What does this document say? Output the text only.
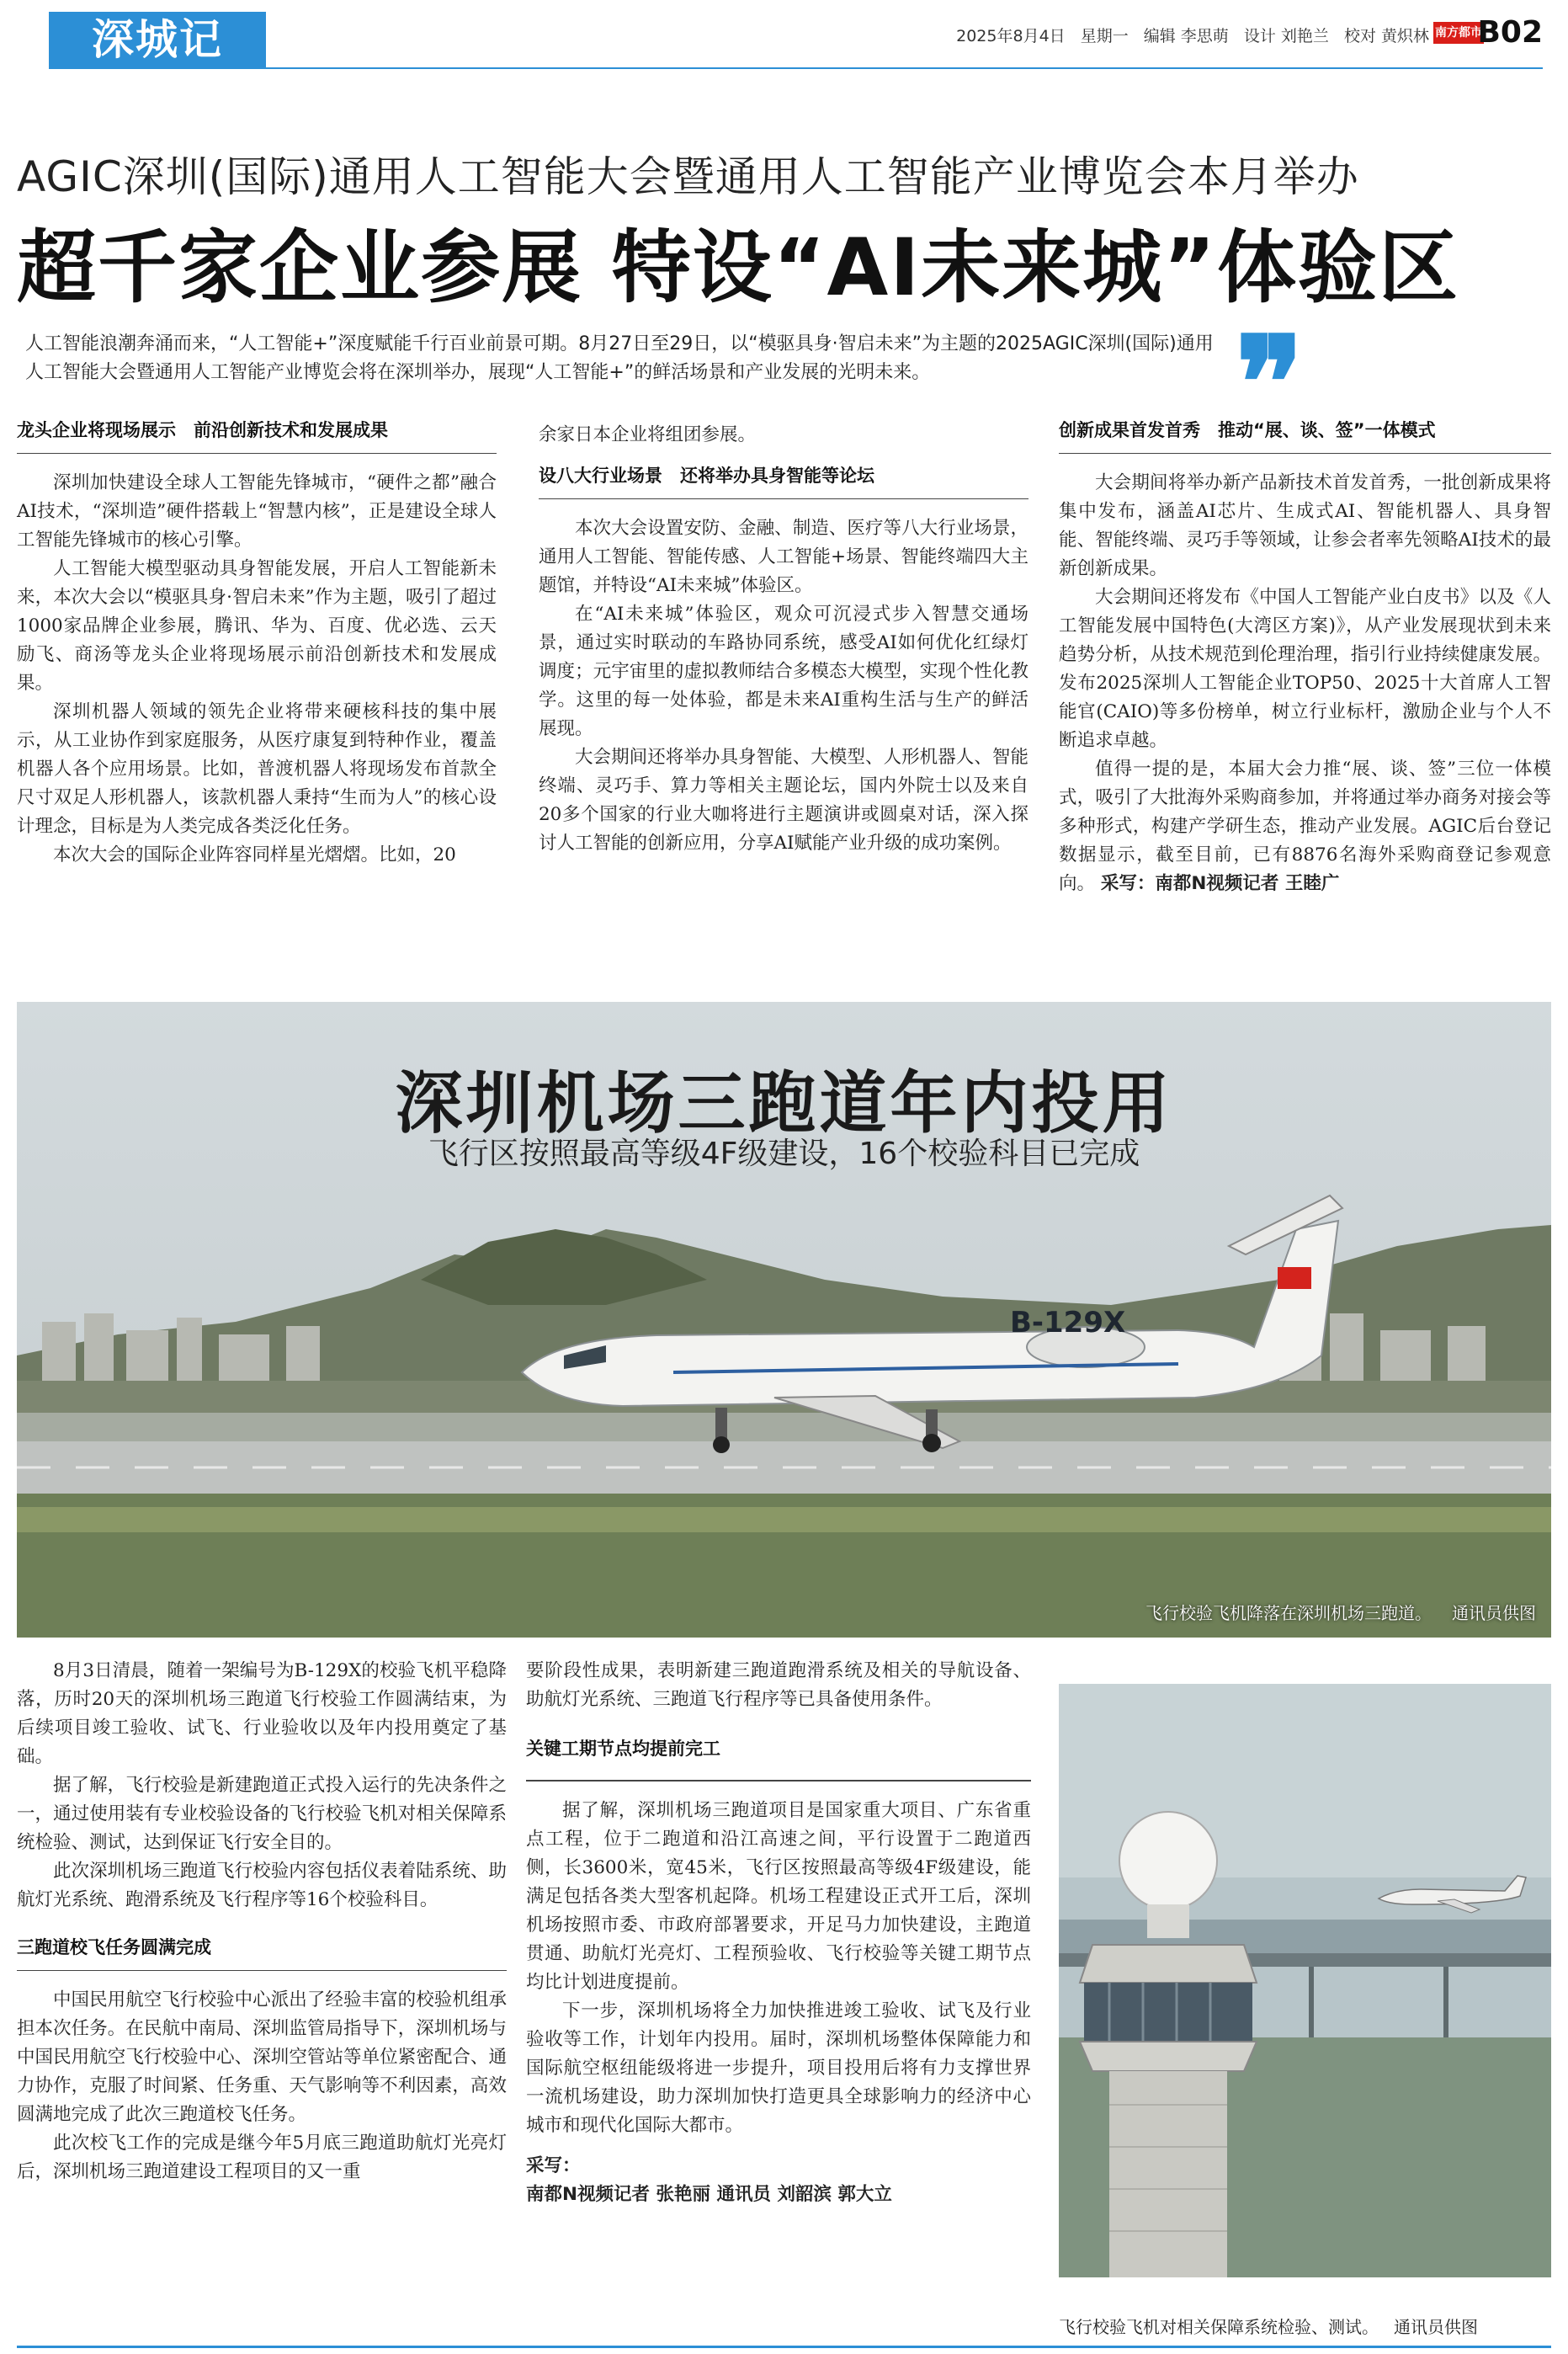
深城记	2025年8月4日 星期一 编辑 李思萌 设计 刘艳兰 校对 黄炽林 南方都市报
B02
AGIC深圳(国际)通用人工智能大会暨通用人工智能产业博览会本月举办
超千家企业参展 特设“AI未来城”体验区
人工智能浪潮奔涌而来，“人工智能+”深度赋能千行百业前景可期。8月27日至29日，以“模驱具身·智启未来”为主题的2025AGIC深圳(国际)通用人工智能大会暨通用人工智能产业博览会将在深圳举办，展现“人工智能+”的鲜活场景和产业发展的光明未来。	❞
龙头企业将现场展示　前沿创新技术和发展成果

深圳加快建设全球人工智能先锋城市，“硬件之都”融合AI技术，“深圳造”硬件搭载上“智慧内核”，正是建设全球人工智能先锋城市的核心引擎。

人工智能大模型驱动具身智能发展，开启人工智能新未来，本次大会以“模驱具身·智启未来”作为主题，吸引了超过1000家品牌企业参展，腾讯、华为、百度、优必选、云天励飞、商汤等龙头企业将现场展示前沿创新技术和发展成果。

深圳机器人领域的领先企业将带来硬核科技的集中展示，从工业协作到家庭服务，从医疗康复到特种作业，覆盖机器人各个应用场景。比如，普渡机器人将现场发布首款全尺寸双足人形机器人，该款机器人秉持“生而为人”的核心设计理念，目标是为人类完成各类泛化任务。

本次大会的国际企业阵容同样星光熠熠。比如，20

余家日本企业将组团参展。

设八大行业场景　还将举办具身智能等论坛

本次大会设置安防、金融、制造、医疗等八大行业场景，通用人工智能、智能传感、人工智能+场景、智能终端四大主题馆，并特设“AI未来城”体验区。

在“AI未来城”体验区，观众可沉浸式步入智慧交通场景，通过实时联动的车路协同系统，感受AI如何优化红绿灯调度；元宇宙里的虚拟教师结合多模态大模型，实现个性化教学。这里的每一处体验，都是未来AI重构生活与生产的鲜活展现。

大会期间还将举办具身智能、大模型、人形机器人、智能终端、灵巧手、算力等相关主题论坛，国内外院士以及来自20多个国家的行业大咖将进行主题演讲或圆桌对话，深入探讨人工智能的创新应用，分享AI赋能产业升级的成功案例。

创新成果首发首秀　推动“展、谈、签”一体模式

大会期间将举办新产品新技术首发首秀，一批创新成果将集中发布，涵盖AI芯片、生成式AI、智能机器人、具身智能、智能终端、灵巧手等领域，让参会者率先领略AI技术的最新创新成果。

大会期间还将发布《中国人工智能产业白皮书》以及《人工智能发展中国特色(大湾区方案)》，从产业发展现状到未来趋势分析，从技术规范到伦理治理，指引行业持续健康发展。发布2025深圳人工智能企业TOP50、2025十大首席人工智能官(CAIO)等多份榜单，树立行业标杆，激励企业与个人不断追求卓越。

值得一提的是，本届大会力推“展、谈、签”三位一体模式，吸引了大批海外采购商参加，并将通过举办商务对接会等多种形式，构建产学研生态，推动产业发展。AGIC后台登记数据显示，截至目前，已有8876名海外采购商登记参观意向。 采写：南都N视频记者 王睦广

B-129X
深圳机场三跑道年内投用
飞行区按照最高等级4F级建设，16个校验科目已完成
飞行校验飞机降落在深圳机场三跑道。 通讯员供图

8月3日清晨，随着一架编号为B-129X的校验飞机平稳降落，历时20天的深圳机场三跑道飞行校验工作圆满结束，为后续项目竣工验收、试飞、行业验收以及年内投用奠定了基础。

据了解，飞行校验是新建跑道正式投入运行的先决条件之一，通过使用装有专业校验设备的飞行校验飞机对相关保障系统检验、测试，达到保证飞行安全目的。

此次深圳机场三跑道飞行校验内容包括仪表着陆系统、助航灯光系统、跑滑系统及飞行程序等16个校验科目。

三跑道校飞任务圆满完成

中国民用航空飞行校验中心派出了经验丰富的校验机组承担本次任务。在民航中南局、深圳监管局指导下，深圳机场与中国民用航空飞行校验中心、深圳空管站等单位紧密配合、通力协作，克服了时间紧、任务重、天气影响等不利因素，高效圆满地完成了此次三跑道校飞任务。

此次校飞工作的完成是继今年5月底三跑道助航灯光亮灯后，深圳机场三跑道建设工程项目的又一重

要阶段性成果，表明新建三跑道跑滑系统及相关的导航设备、助航灯光系统、三跑道飞行程序等已具备使用条件。

关键工期节点均提前完工

据了解，深圳机场三跑道项目是国家重大项目、广东省重点工程，位于二跑道和沿江高速之间，平行设置于二跑道西侧，长3600米，宽45米，飞行区按照最高等级4F级建设，能满足包括各类大型客机起降。机场工程建设正式开工后，深圳机场按照市委、市政府部署要求，开足马力加快建设，主跑道贯通、助航灯光亮灯、工程预验收、飞行校验等关键工期节点均比计划进度提前。

下一步，深圳机场将全力加快推进竣工验收、试飞及行业验收等工作，计划年内投用。届时，深圳机场整体保障能力和国际航空枢纽能级将进一步提升，项目投用后将有力支撑世界一流机场建设，助力深圳加快打造更具全球影响力的经济中心城市和现代化国际大都市。

采写：
南都N视频记者 张艳丽 通讯员 刘韶滨 郭大立
飞行校验飞机对相关保障系统检验、测试。 通讯员供图
